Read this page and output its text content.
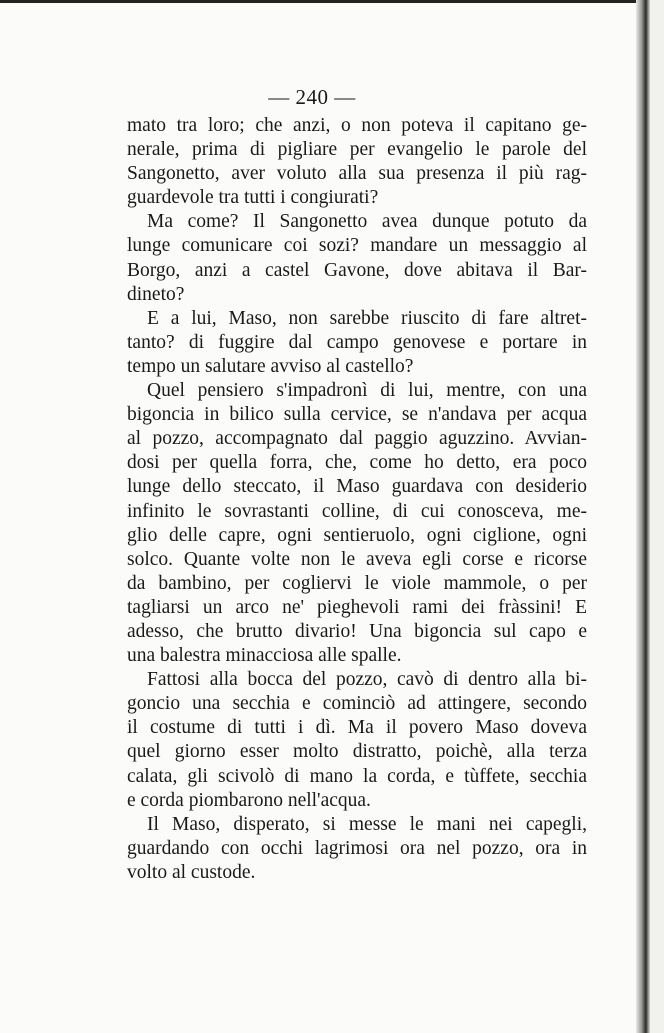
— 240 —
mato tra loro; che anzi, o non poteva il capitano ge-
nerale, prima di pigliare per evangelio le parole del
Sangonetto, aver voluto alla sua presenza il più rag-
guardevole tra tutti i congiurati?
Ma come? Il Sangonetto avea dunque potuto da
lunge comunicare coi sozi? mandare un messaggio al
Borgo, anzi a castel Gavone, dove abitava il Bar-
dineto?
E a lui, Maso, non sarebbe riuscito di fare altret-
tanto? di fuggire dal campo genovese e portare in
tempo un salutare avviso al castello?
Quel pensiero s'impadronì di lui, mentre, con una
bigoncia in bilico sulla cervice, se n'andava per acqua
al pozzo, accompagnato dal paggio aguzzino. Avvian-
dosi per quella forra, che, come ho detto, era poco
lunge dello steccato, il Maso guardava con desiderio
infinito le sovrastanti colline, di cui conosceva, me-
glio delle capre, ogni sentieruolo, ogni ciglione, ogni
solco. Quante volte non le aveva egli corse e ricorse
da bambino, per cogliervi le viole mammole, o per
tagliarsi un arco ne' pieghevoli rami dei fràssini! E
adesso, che brutto divario! Una bigoncia sul capo e
una balestra minacciosa alle spalle.
Fattosi alla bocca del pozzo, cavò di dentro alla bi-
goncio una secchia e cominciò ad attingere, secondo
il costume di tutti i dì. Ma il povero Maso doveva
quel giorno esser molto distratto, poichè, alla terza
calata, gli scivolò di mano la corda, e tùffete, secchia
e corda piombarono nell'acqua.
Il Maso, disperato, si messe le mani nei capegli,
guardando con occhi lagrimosi ora nel pozzo, ora in
volto al custode.
